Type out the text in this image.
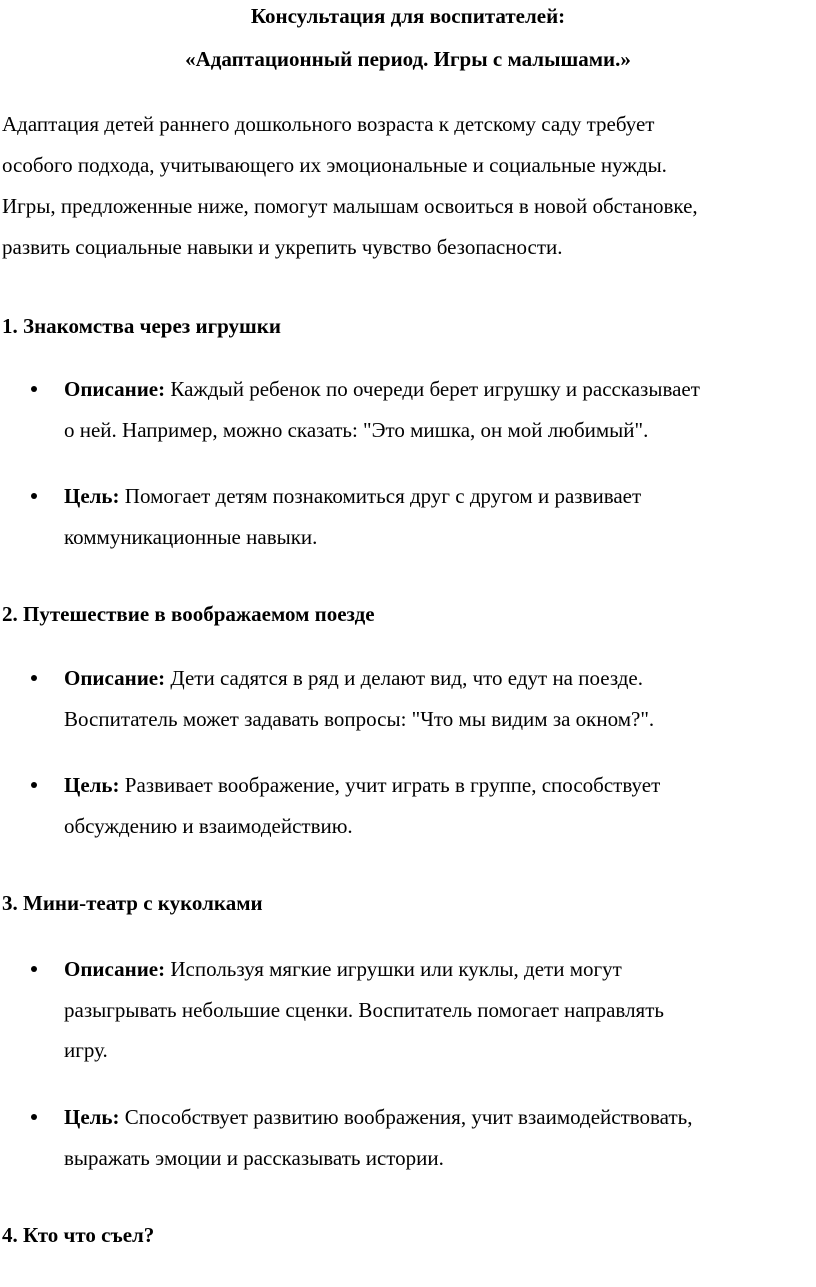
Консультация для воспитателей:
«Адаптационный период. Игры с малышами.»
Адаптация детей раннего дошкольного возраста к детскому саду требует
особого подхода, учитывающего их эмоциональные и социальные нужды.
Игры, предложенные ниже, помогут малышам освоиться в новой обстановке,
развить социальные навыки и укрепить чувство безопасности.
1. Знакомства через игрушки
Описание: Каждый ребенок по очереди берет игрушку и рассказывает
о ней. Например, можно сказать: "Это мишка, он мой любимый".
Цель: Помогает детям познакомиться друг с другом и развивает
коммуникационные навыки.
2. Путешествие в воображаемом поезде
Описание: Дети садятся в ряд и делают вид, что едут на поезде.
Воспитатель может задавать вопросы: "Что мы видим за окном?".
Цель: Развивает воображение, учит играть в группе, способствует
обсуждению и взаимодействию.
3. Мини-театр с куколками
Описание: Используя мягкие игрушки или куклы, дети могут
разыгрывать небольшие сценки. Воспитатель помогает направлять
игру.
Цель: Способствует развитию воображения, учит взаимодействовать,
выражать эмоции и рассказывать истории.
4. Кто что съел?
